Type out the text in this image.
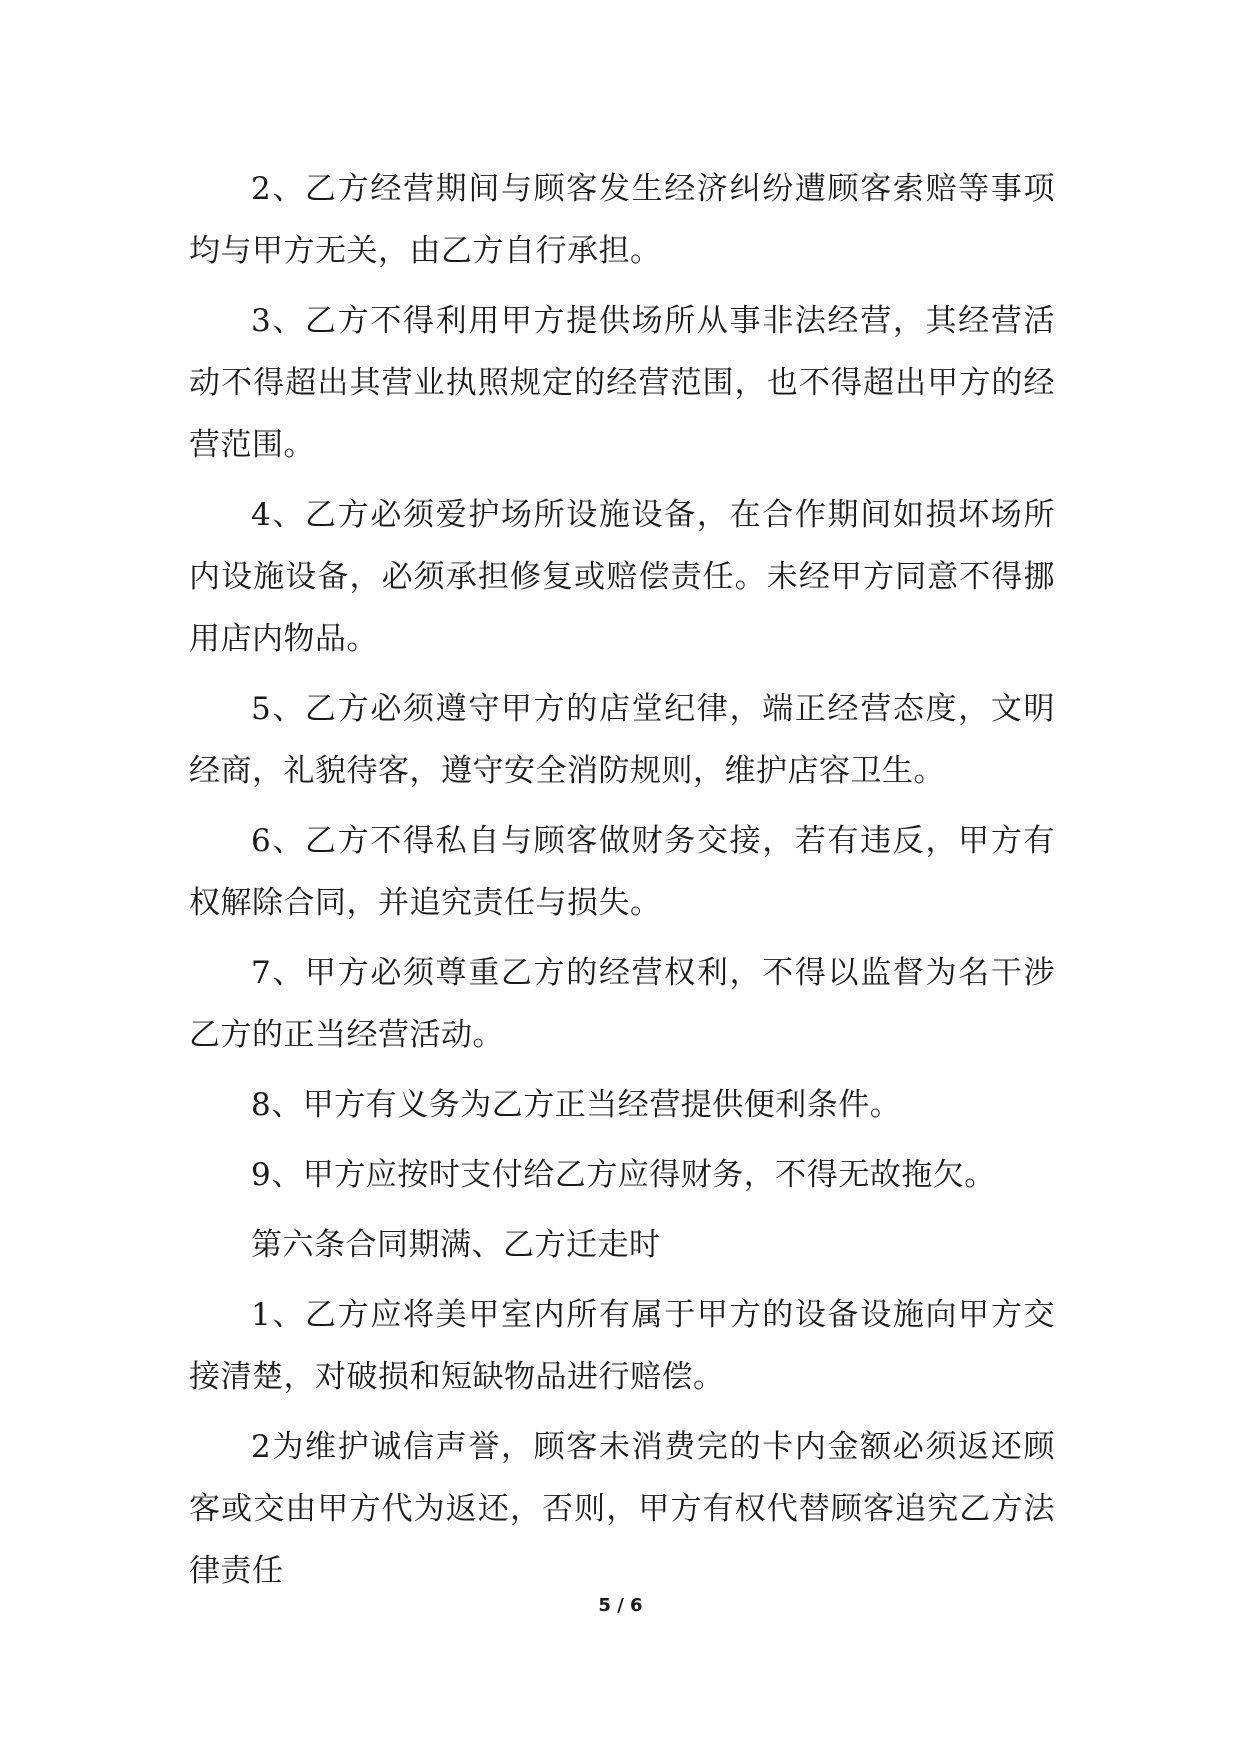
2、乙方经营期间与顾客发生经济纠纷遭顾客索赔等事项均与甲方无关，由乙方自行承担。

3、乙方不得利用甲方提供场所从事非法经营，其经营活动不得超出其营业执照规定的经营范围，也不得超出甲方的经营范围。

4、乙方必须爱护场所设施设备，在合作期间如损坏场所内设施设备，必须承担修复或赔偿责任。未经甲方同意不得挪用店内物品。

5、乙方必须遵守甲方的店堂纪律，端正经营态度，文明经商，礼貌待客，遵守安全消防规则，维护店容卫生。

6、乙方不得私自与顾客做财务交接，若有违反，甲方有权解除合同，并追究责任与损失。

7、甲方必须尊重乙方的经营权利，不得以监督为名干涉乙方的正当经营活动。

8、甲方有义务为乙方正当经营提供便利条件。

9、甲方应按时支付给乙方应得财务，不得无故拖欠。

第六条合同期满、乙方迁走时

1、乙方应将美甲室内所有属于甲方的设备设施向甲方交接清楚，对破损和短缺物品进行赔偿。

2为维护诚信声誉，顾客未消费完的卡内金额必须返还顾客或交由甲方代为返还，否则，甲方有权代替顾客追究乙方法律责任

5 / 6
